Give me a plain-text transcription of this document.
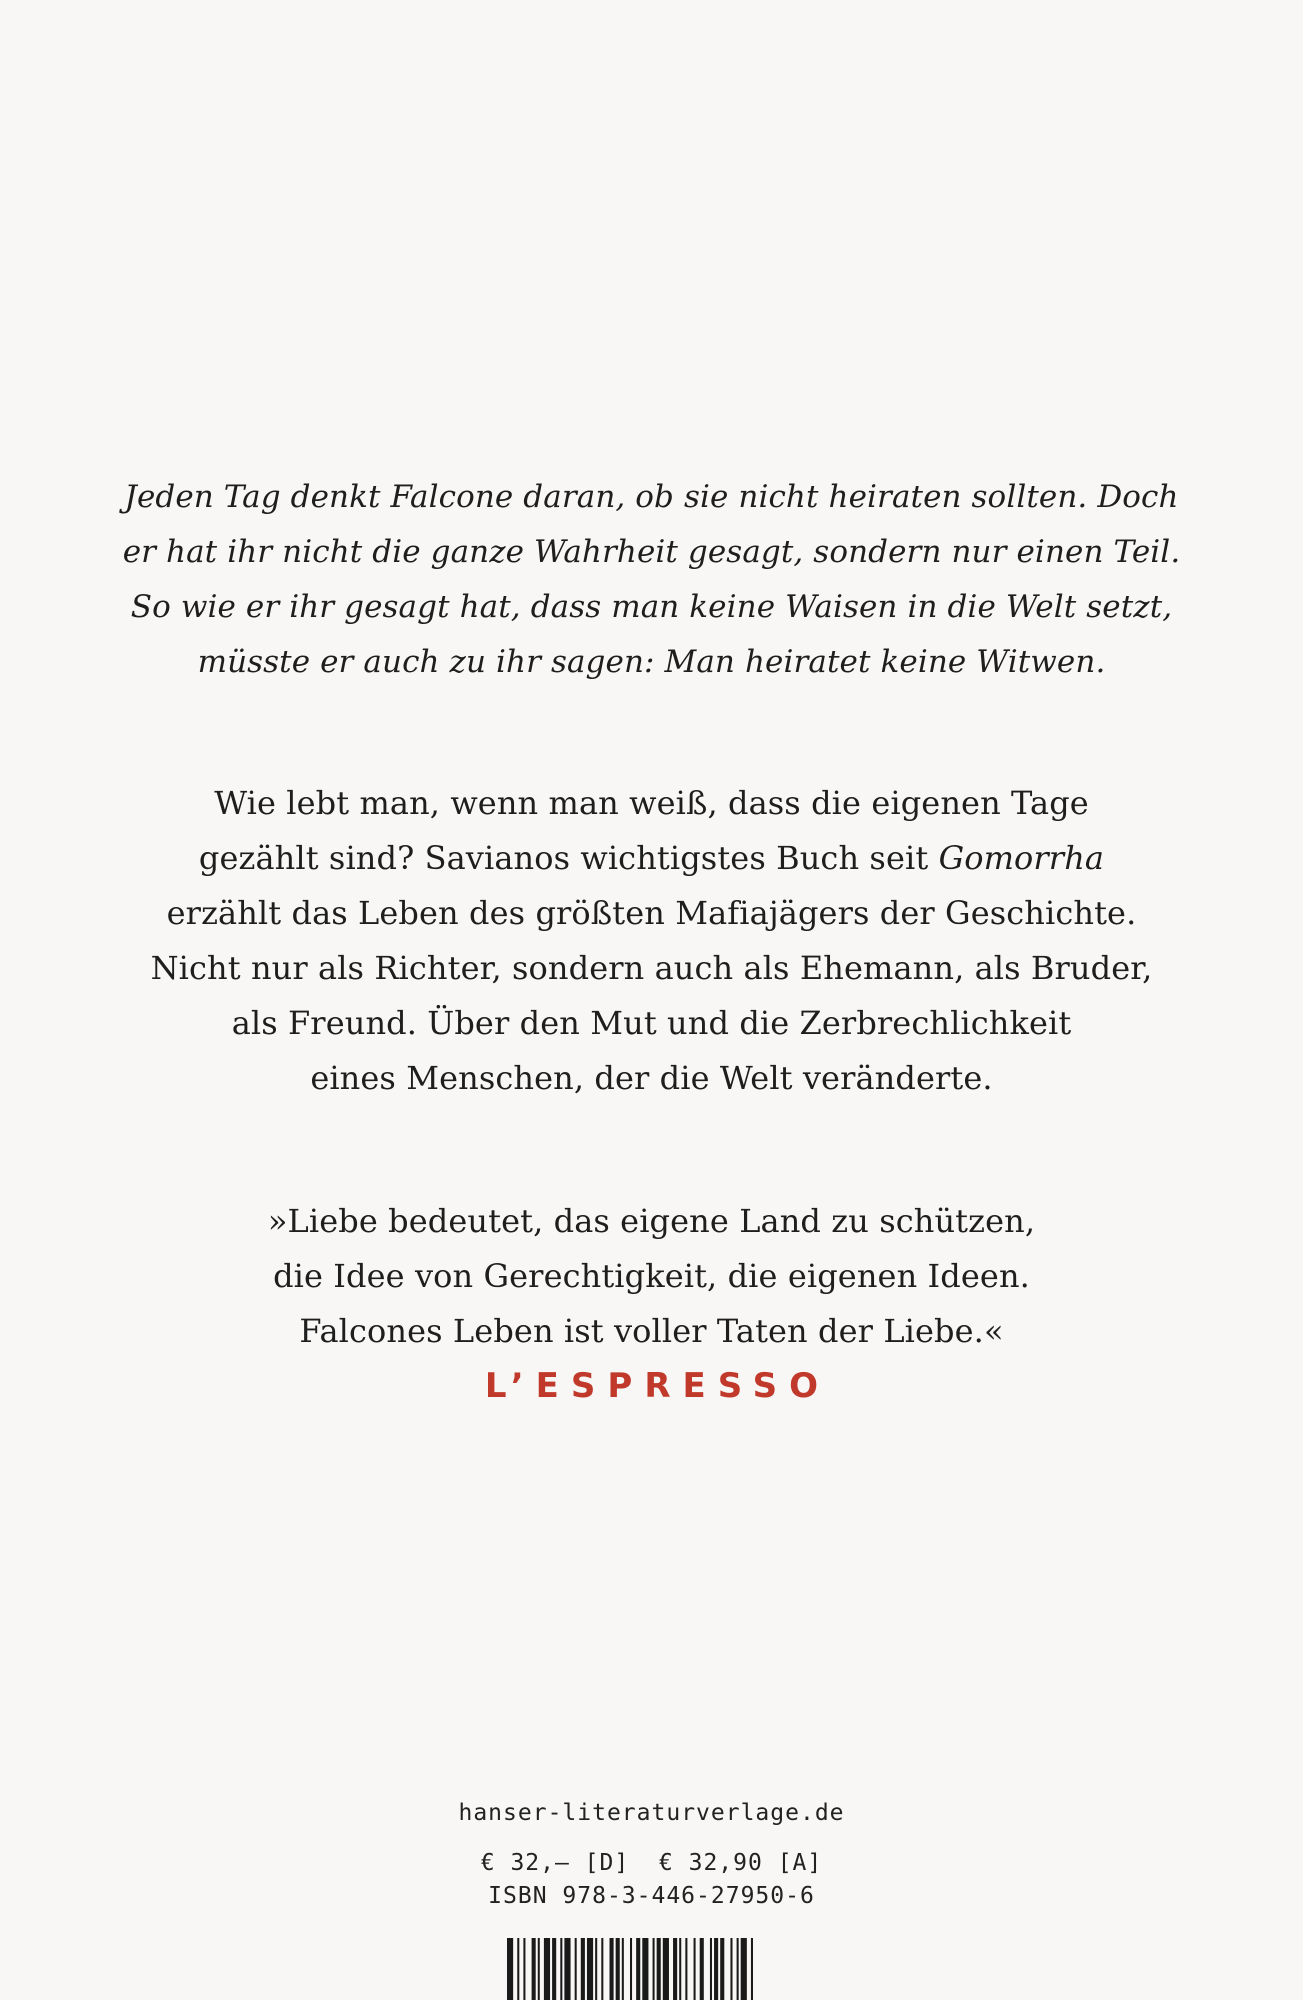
Jeden Tag denkt Falcone daran, ob sie nicht heiraten sollten. Doch
er hat ihr nicht die ganze Wahrheit gesagt, sondern nur einen Teil.
So wie er ihr gesagt hat, dass man keine Waisen in die Welt setzt,
müsste er auch zu ihr sagen: Man heiratet keine Witwen.
Wie lebt man, wenn man weiß, dass die eigenen Tage
gezählt sind? Savianos wichtigstes Buch seit Gomorrha
erzählt das Leben des größten Mafiajägers der Geschichte.
Nicht nur als Richter, sondern auch als Ehemann, als Bruder,
als Freund. Über den Mut und die Zerbrechlichkeit
eines Menschen, der die Welt veränderte.
»Liebe bedeutet, das eigene Land zu schützen,
die Idee von Gerechtigkeit, die eigenen Ideen.
Falcones Leben ist voller Taten der Liebe.«
L’ESPRESSO
hanser-literaturverlage.de
€ 32,– [D]  € 32,90 [A]
ISBN 978-3-446-27950-6
